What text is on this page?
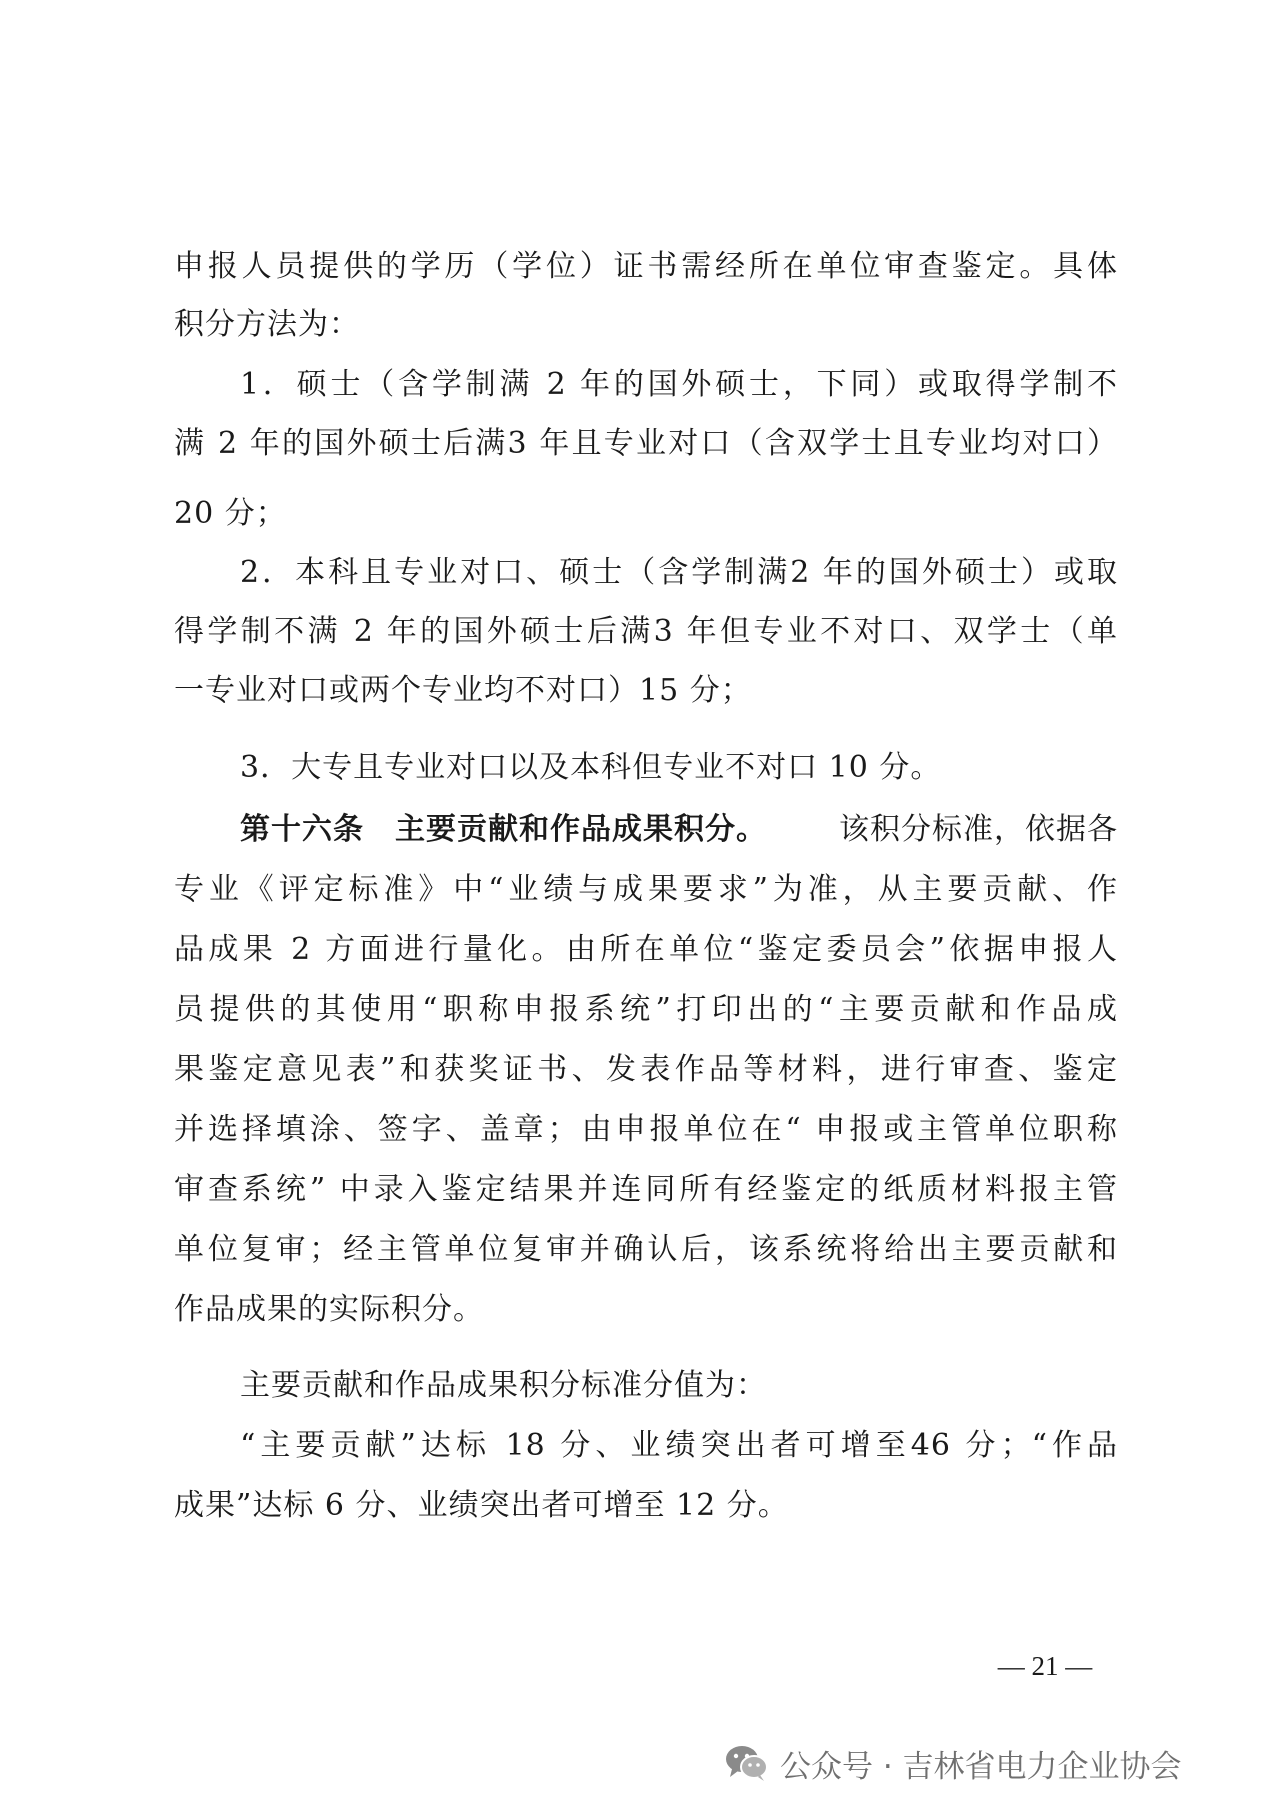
申报人员提供的学历（学位）证书需经所在单位审查鉴定。具体
积分方法为：
1．硕士（含学制满 2 年的国外硕士，下同）或取得学制不
满 2 年的国外硕士后满3 年且专业对口（含双学士且专业均对口）
20 分；
2．本科且专业对口、硕士（含学制满2 年的国外硕士）或取
得学制不满 2 年的国外硕士后满3 年但专业不对口、双学士（单
一专业对口或两个专业均不对口）15 分；
3．大专且专业对口以及本科但专业不对口 10 分。
第十六条　主要贡献和作品成果积分。 该积分标准，依据各
专业《评定标准》中“业绩与成果要求”为准，从主要贡献、作
品成果 2 方面进行量化。由所在单位“鉴定委员会”依据申报人
员提供的其使用“职称申报系统”打印出的“主要贡献和作品成
果鉴定意见表”和获奖证书、发表作品等材料，进行审查、鉴定
并选择填涂、签字、盖章；由申报单位在“ 申报或主管单位职称
审查系统” 中录入鉴定结果并连同所有经鉴定的纸质材料报主管
单位复审；经主管单位复审并确认后，该系统将给出主要贡献和
作品成果的实际积分。
主要贡献和作品成果积分标准分值为：
“主要贡献”达标 18 分、业绩突出者可增至46 分；“作品
成果”达标 6 分、业绩突出者可增至 12 分。
— 21 —
公众号 · 吉林省电力企业协会
